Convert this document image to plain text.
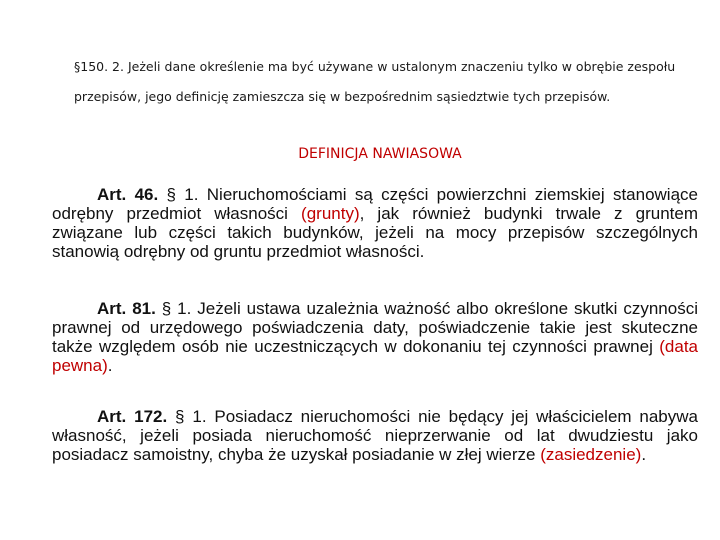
§150. 2. Jeżeli dane określenie ma być używane w ustalonym znaczeniu tylko w obrębie zespołu przepisów, jego definicję zamieszcza się w bezpośrednim sąsiedztwie tych przepisów.
DEFINICJA NAWIASOWA
Art. 46. § 1. Nieruchomościami są części powierzchni ziemskiej stanowiące odrębny przedmiot własności (grunty), jak również budynki trwale z gruntem związane lub części takich budynków, jeżeli na mocy przepisów szczególnych stanowią odrębny od gruntu przedmiot własności.
Art. 81. § 1. Jeżeli ustawa uzależnia ważność albo określone skutki czynności prawnej od urzędowego poświadczenia daty, poświadczenie takie jest skuteczne także względem osób nie uczestniczących w dokonaniu tej czynności prawnej (data pewna).
Art. 172. § 1. Posiadacz nieruchomości nie będący jej właścicielem nabywa własność, jeżeli posiada nieruchomość nieprzerwanie od lat dwudziestu jako posiadacz samoistny, chyba że uzyskał posiadanie w złej wierze (zasiedzenie).
